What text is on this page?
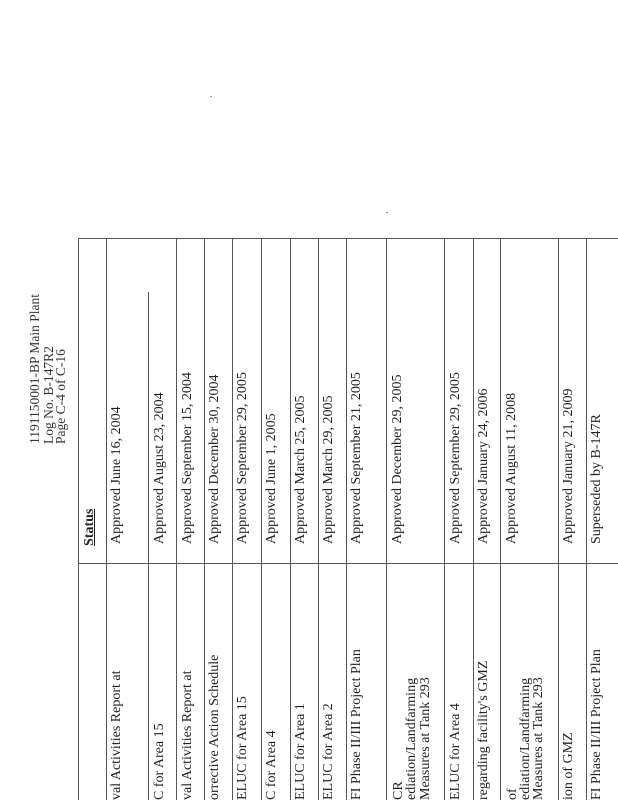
1191150001-BP Main Plant Log No. B-147R2
Page C-4 of C-16
Status
val Activities Report at
Approved June 16, 2004
C for Area 15
Approved August 23, 2004
val Activities Report at
Approved September 15, 2004
orrective Action Schedule
Approved December 30, 2004
ELUC for Area 15
Approved September 29, 2005
C for Area 4
Approved June 1, 2005
ELUC for Area 1
Approved March 25, 2005
ELUC for Area 2
Approved March 29, 2005
FI Phase II/III Project Plan
Approved September 21, 2005
CR
ediation/Landfarming Measures at Tank 293
Approved December 29, 2005
ELUC for Area 4
Approved September 29, 2005
regarding facility's GMZ
Approved January 24, 2006
of
ediation/Landfarming
Measures at Tank 293
Approved August 11, 2008
ion of GMZ
Approved January 21, 2009
FI Phase II/III Project Plan
Superseded by B-147R
